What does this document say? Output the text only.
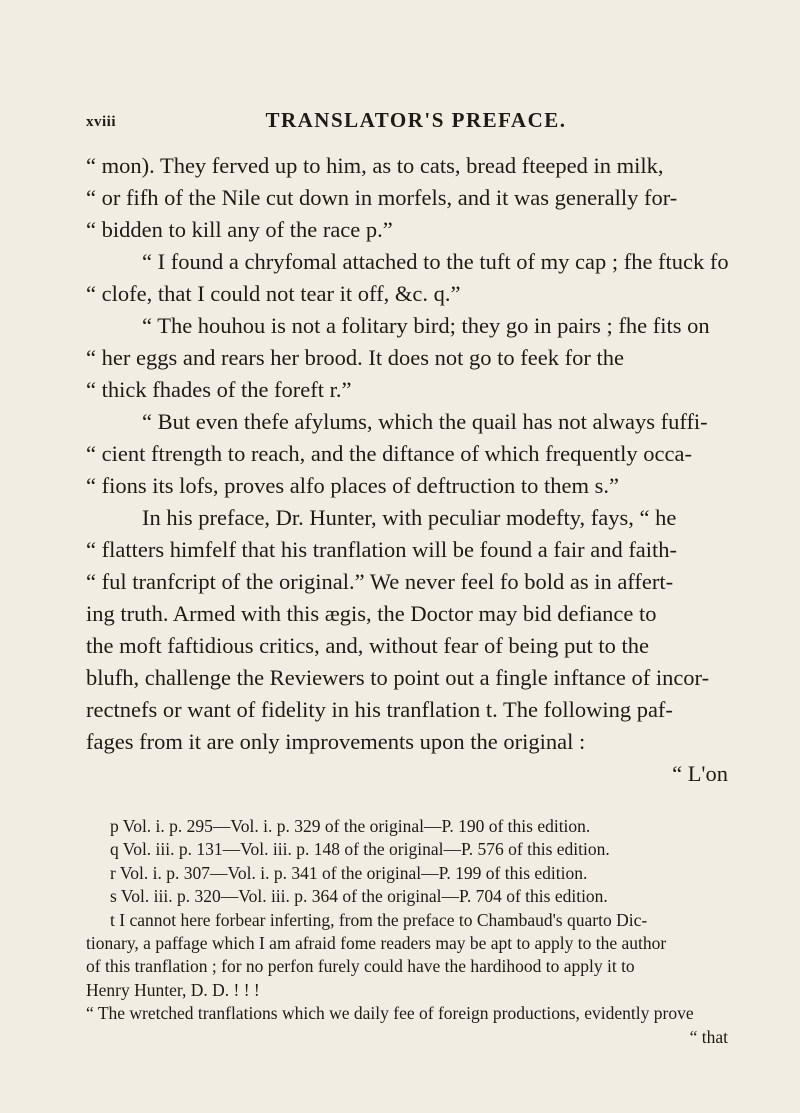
xviii	TRANSLATOR'S PREFACE.
“ mon). They ferved up to him, as to cats, bread fteeped in milk,
“ or fifh of the Nile cut down in morfels, and it was generally for-
“ bidden to kill any of the race p.”
“ I found a chryfomal attached to the tuft of my cap ; fhe ftuck fo
“ clofe, that I could not tear it off, &c. q.”
“ The houhou is not a folitary bird; they go in pairs ; fhe fits on
“ her eggs and rears her brood. It does not go to feek for the
“ thick fhades of the foreft r.”
“ But even thefe afylums, which the quail has not always fuffi-
“ cient ftrength to reach, and the diftance of which frequently occa-
“ fions its lofs, proves alfo places of deftruction to them s.”
In his preface, Dr. Hunter, with peculiar modefty, fays, “ he
“ flatters himfelf that his tranflation will be found a fair and faith-
“ ful tranfcript of the original.” We never feel fo bold as in affert-
ing truth. Armed with this ægis, the Doctor may bid defiance to
the moft faftidious critics, and, without fear of being put to the
blufh, challenge the Reviewers to point out a fingle inftance of incor-
rectnefs or want of fidelity in his tranflation t. The following paf-
fages from it are only improvements upon the original :
“ L'on
p Vol. i. p. 295—Vol. i. p. 329 of the original—P. 190 of this edition.
q Vol. iii. p. 131—Vol. iii. p. 148 of the original—P. 576 of this edition.
r Vol. i. p. 307—Vol. i. p. 341 of the original—P. 199 of this edition.
s Vol. iii. p. 320—Vol. iii. p. 364 of the original—P. 704 of this edition.
t I cannot here forbear inferting, from the preface to Chambaud's quarto Dic-
tionary, a paffage which I am afraid fome readers may be apt to apply to the author
of this tranflation ; for no perfon furely could have the hardihood to apply it to
Henry Hunter, D. D. ! ! !
“ The wretched tranflations which we daily fee of foreign productions, evidently prove
“ that
